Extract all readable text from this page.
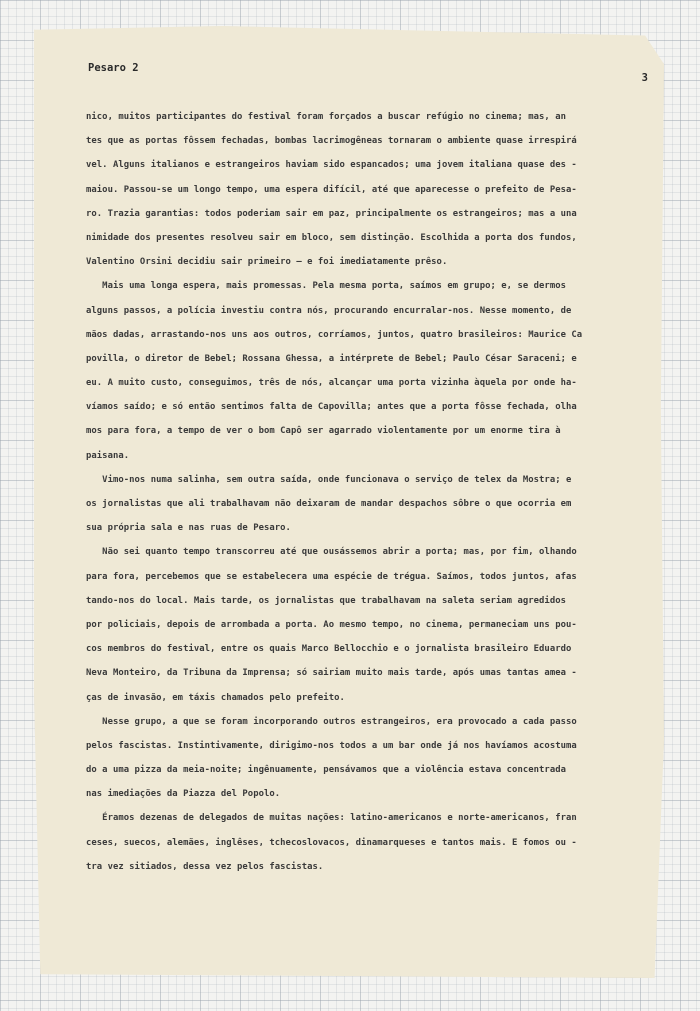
Pesaro 2
3
nico, muitos participantes do festival foram forçados a buscar refúgio no cinema; mas, an
tes que as portas fôssem fechadas, bombas lacrimogêneas tornaram o ambiente quase irrespirá
vel. Alguns italianos e estrangeiros haviam sido espancados; uma jovem italiana quase des -
maiou. Passou-se um longo tempo, uma espera difícil, até que aparecesse o prefeito de Pesa-
ro. Trazia garantias: todos poderiam sair em paz, principalmente os estrangeiros; mas a una
nimidade dos presentes resolveu sair em bloco, sem distinção. Escolhida a porta dos fundos,
Valentino Orsini decidiu sair primeiro — e foi imediatamente prêso.
Mais uma longa espera, mais promessas. Pela mesma porta, saímos em grupo; e, se dermos
alguns passos, a polícia investiu contra nós, procurando encurralar-nos. Nesse momento, de
mãos dadas, arrastando-nos uns aos outros, corríamos, juntos, quatro brasileiros: Maurice Ca
povilla, o diretor de Bebel; Rossana Ghessa, a intérprete de Bebel; Paulo César Saraceni; e
eu. A muito custo, conseguimos, três de nós, alcançar uma porta vizinha àquela por onde ha-
víamos saído; e só então sentimos falta de Capovilla; antes que a porta fôsse fechada, olha
mos para fora, a tempo de ver o bom Capô ser agarrado violentamente por um enorme tira à
paisana.
Vimo-nos numa salinha, sem outra saída, onde funcionava o serviço de telex da Mostra; e
os jornalistas que ali trabalhavam não deixaram de mandar despachos sôbre o que ocorria em
sua própria sala e nas ruas de Pesaro.
Não sei quanto tempo transcorreu até que ousássemos abrir a porta; mas, por fim, olhando
para fora, percebemos que se estabelecera uma espécie de trégua. Saímos, todos juntos, afas
tando-nos do local. Mais tarde, os jornalistas que trabalhavam na saleta seriam agredidos
por policiais, depois de arrombada a porta. Ao mesmo tempo, no cinema, permaneciam uns pou-
cos membros do festival, entre os quais Marco Bellocchio e o jornalista brasileiro Eduardo
Neva Monteiro, da Tribuna da Imprensa; só sairiam muito mais tarde, após umas tantas amea -
ças de invasão, em táxis chamados pelo prefeito.
Nesse grupo, a que se foram incorporando outros estrangeiros, era provocado a cada passo
pelos fascistas. Instintivamente, dirigimo-nos todos a um bar onde já nos havíamos acostuma
do a uma pizza da meia-noite; ingênuamente, pensávamos que a violência estava concentrada
nas imediações da Piazza del Popolo.
Éramos dezenas de delegados de muitas nações: latino-americanos e norte-americanos, fran
ceses, suecos, alemães, inglêses, tchecoslovacos, dinamarqueses e tantos mais. E fomos ou -
tra vez sitiados, dessa vez pelos fascistas.
